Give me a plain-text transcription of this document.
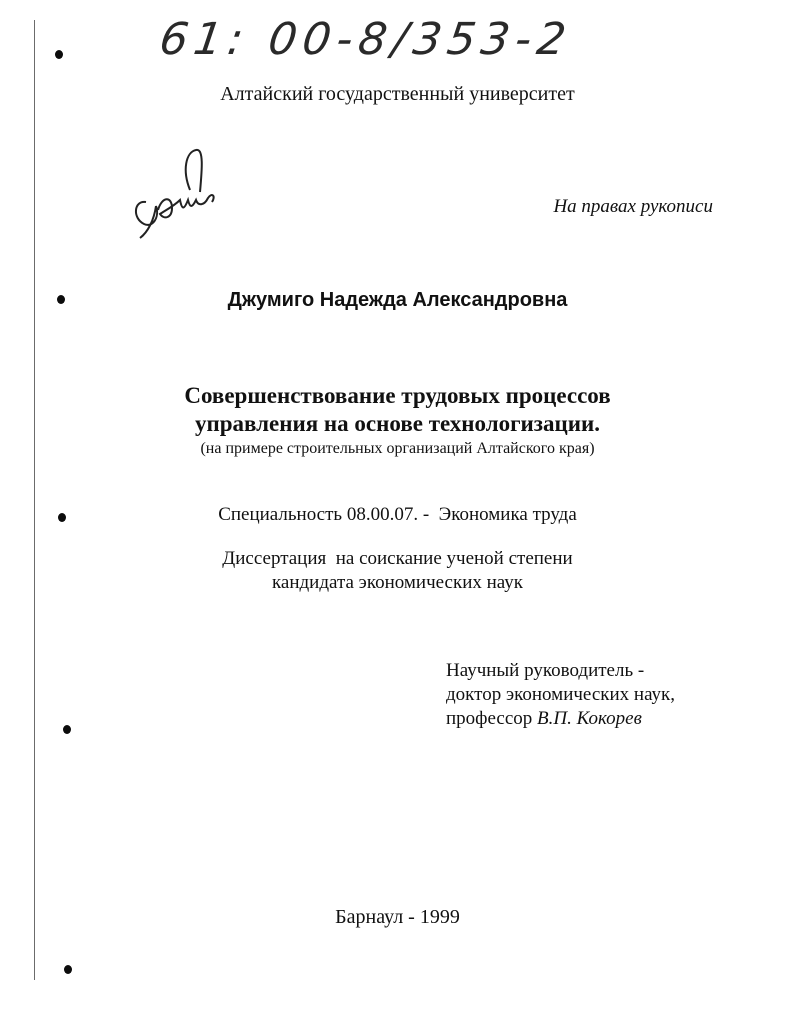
61: 00-8/353-2
Алтайский государственный университет
На правах рукописи
Джумиго Надежда Александровна
Совершенствование трудовых процессов
управления на основе технологизации.
(на примере строительных организаций Алтайского края)
Специальность 08.00.07. -  Экономика труда
Диссертация  на соискание ученой степени
кандидата экономических наук
Научный руководитель -
доктор экономических наук,
профессор В.П. Кокорев
Барнаул - 1999
